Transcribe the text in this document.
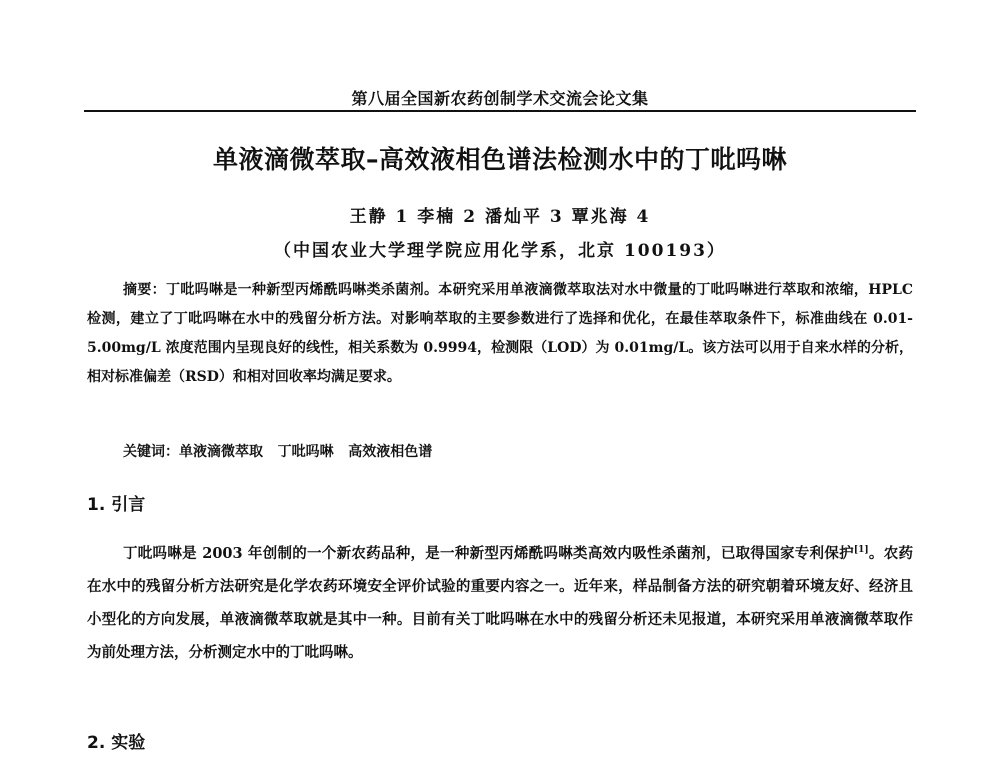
第八届全国新农药创制学术交流会论文集
单液滴微萃取–高效液相色谱法检测水中的丁吡吗啉
王静 1 李楠 2 潘灿平 3 覃兆海 4
（中国农业大学理学院应用化学系，北京 100193）

摘要：丁吡吗啉是一种新型丙烯酰吗啉类杀菌剂。本研究采用单液滴微萃取法对水中微量的丁吡吗啉进行萃取和浓缩，HPLC 检测，建立了丁吡吗啉在水中的残留分析方法。对影响萃取的主要参数进行了选择和优化，在最佳萃取条件下，标准曲线在 0.01-5.00mg/L 浓度范围内呈现良好的线性，相关系数为 0.9994，检测限（LOD）为 0.01mg/L。该方法可以用于自来水样的分析，相对标准偏差（RSD）和相对回收率均满足要求。

关键词：单液滴微萃取   丁吡吗啉   高效液相色谱
1. 引言

丁吡吗啉是 2003 年创制的一个新农药品种，是一种新型丙烯酰吗啉类高效内吸性杀菌剂，已取得国家专利保护[1]。农药在水中的残留分析方法研究是化学农药环境安全评价试验的重要内容之一。近年来，样品制备方法的研究朝着环境友好、经济且小型化的方向发展，单液滴微萃取就是其中一种。目前有关丁吡吗啉在水中的残留分析还未见报道，本研究采用单液滴微萃取作为前处理方法，分析测定水中的丁吡吗啉。

2. 实验
